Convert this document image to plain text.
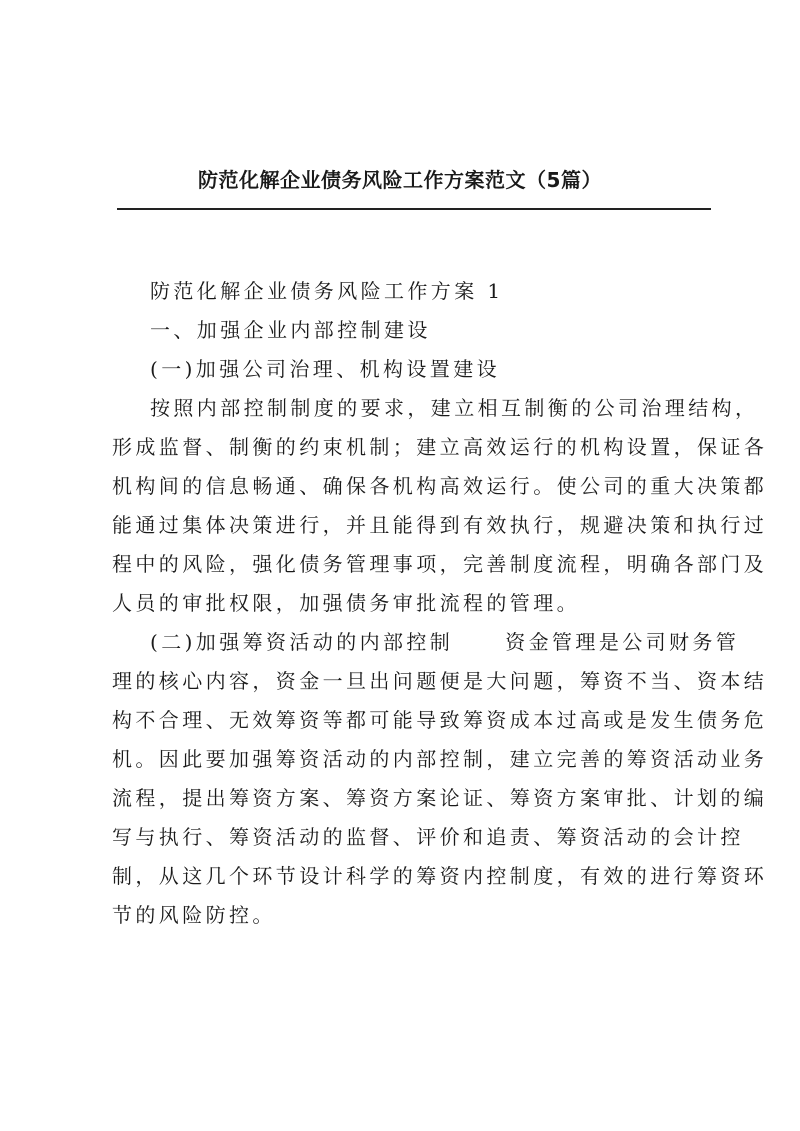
防范化解企业债务风险工作方案范文（5篇）
防范化解企业债务风险工作方案 1
一、加强企业内部控制建设
(一)加强公司治理、机构设置建设
按照内部控制制度的要求，建立相互制衡的公司治理结构，
形成监督、制衡的约束机制；建立高效运行的机构设置，保证各
机构间的信息畅通、确保各机构高效运行。使公司的重大决策都
能通过集体决策进行，并且能得到有效执行，规避决策和执行过
程中的风险，强化债务管理事项，完善制度流程，明确各部门及
人员的审批权限，加强债务审批流程的管理。
(二)加强筹资活动的内部控制	资金管理是公司财务管
理的核心内容，资金一旦出问题便是大问题，筹资不当、资本结
构不合理、无效筹资等都可能导致筹资成本过高或是发生债务危
机。因此要加强筹资活动的内部控制，建立完善的筹资活动业务
流程，提出筹资方案、筹资方案论证、筹资方案审批、计划的编
写与执行、筹资活动的监督、评价和追责、筹资活动的会计控
制，从这几个环节设计科学的筹资内控制度，有效的进行筹资环
节的风险防控。
